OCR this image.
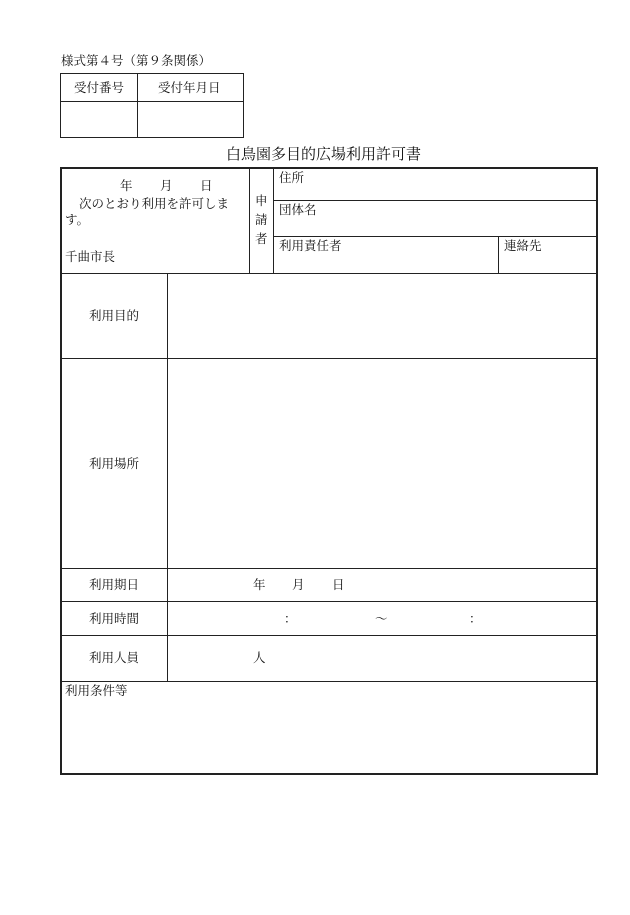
様式第４号（第９条関係）
受付番号	受付年月日
白鳥園多目的広場利用許可書
年 月 日
次のとおり利用を許可しま
す。
千曲市長
申
請
者
住所
団体名
利用責任者	連絡先
利用目的
利用場所
利用期日	年 月 日
利用時間	：	～	：
利用人員	人
利用条件等
